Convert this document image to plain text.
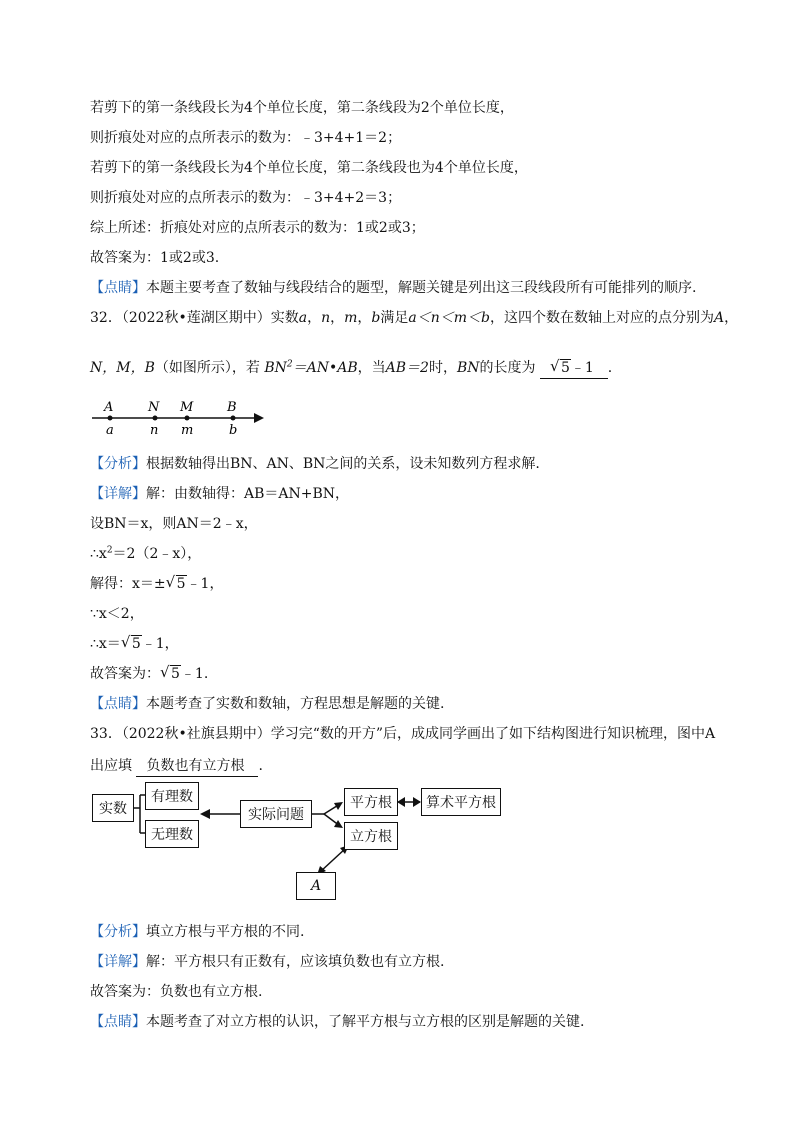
若剪下的第一条线段长为4个单位长度，第二条线段为2个单位长度，
则折痕处对应的点所表示的数为：﹣3+4+1＝2；
若剪下的第一条线段长为4个单位长度，第二条线段也为4个单位长度，
则折痕处对应的点所表示的数为：﹣3+4+2＝3；
综上所述：折痕处对应的点所表示的数为：1或2或3；
故答案为：1或2或3.
【点睛】本题主要考查了数轴与线段结合的题型，解题关键是列出这三段线段所有可能排列的顺序.
32．（2022秋•莲湖区期中）实数a，n，m，b满足a＜n＜m＜b，这四个数在数轴上对应的点分别为A，
N，M，B（如图所示），若 $BN^2=AN•AB$，当AB＝2时，BN的长度为 √ 5﹣1 .
A	N M	B
a	n m	b
【分析】根据数轴得出BN、AN、BN之间的关系，设未知数列方程求解.
【详解】解：由数轴得：AB＝AN+BN，
设BN＝x，则AN＝2﹣x，
$\therefore x^2=2(2﹣x)$，
解得：x＝± √ 5﹣1，
∵x＜2，
∴x＝ √ 5﹣1，
故答案为： √ 5﹣1.
【点睛】本题考查了实数和数轴，方程思想是解题的关键.
33．（2022秋•社旗县期中）学习完“数的开方”后，成成同学画出了如下结构图进行知识梳理，图中A
出应填 负数也有立方根 .
实数
有理数
无理数
实际问题
平方根 算术平方根
立方根
A
【分析】填立方根与平方根的不同.
【详解】解：平方根只有正数有，应该填负数也有立方根.
故答案为：负数也有立方根.
【点睛】本题考查了对立方根的认识，了解平方根与立方根的区别是解题的关键.
